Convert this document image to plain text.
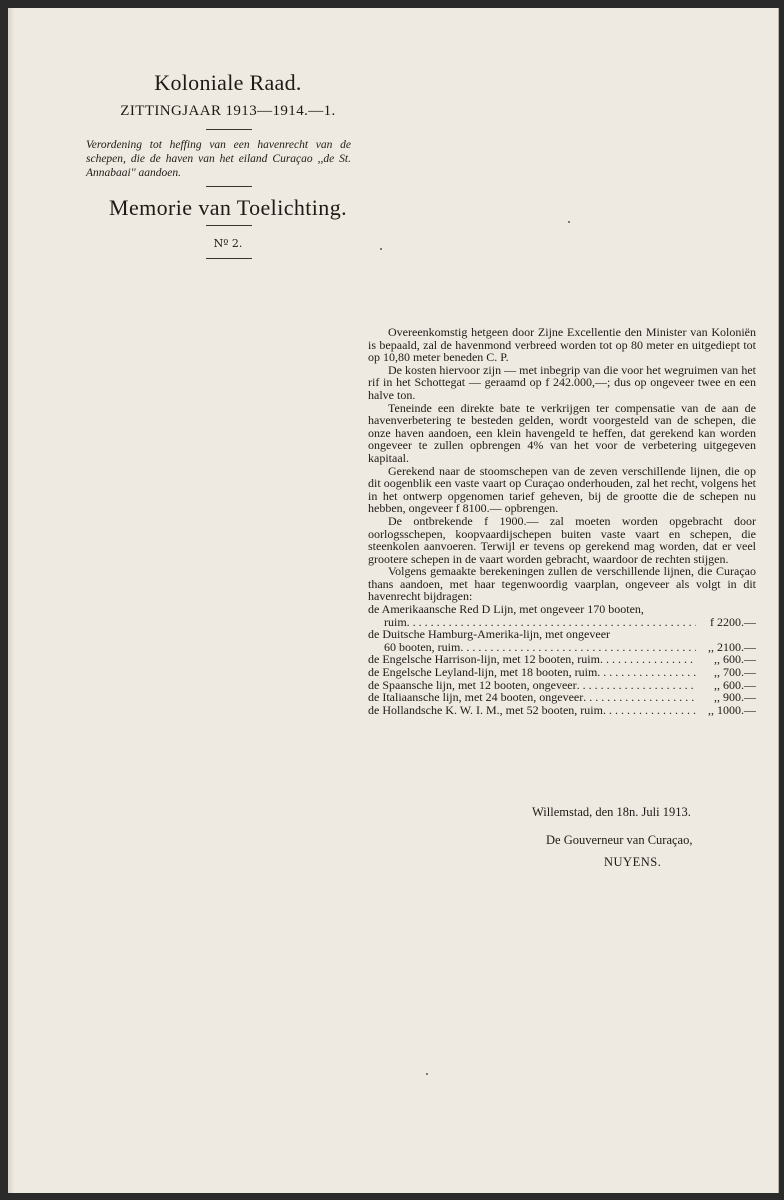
Koloniale Raad.
ZITTINGJAAR 1913—1914.—1.
Verordening tot heffing van een havenrecht van de schepen, die de haven van het eiland Curaçao ,,de St. Annabaai'' aandoen.
Memorie van Toelichting.
Nº 2.

Overeenkomstig hetgeen door Zijne Excellentie den Minister van Koloniën is bepaald, zal de havenmond verbreed worden tot op 80 meter en uitgediept tot op 10,80 meter beneden C. P.

De kosten hiervoor zijn — met inbegrip van die voor het wegruimen van het rif in het Schottegat — geraamd op f 242.000,—; dus op ongeveer twee en een halve ton.

Teneinde een direkte bate te verkrijgen ter compensatie van de aan de havenverbetering te besteden gelden, wordt voorgesteld van de schepen, die onze haven aandoen, een klein havengeld te heffen, dat gerekend kan worden ongeveer te zullen opbrengen 4% van het voor de verbetering uitgegeven kapitaal.

Gerekend naar de stoomschepen van de zeven verschillende lijnen, die op dit oogenblik een vaste vaart op Curaçao onderhouden, zal het recht, volgens het in het ontwerp opgenomen tarief geheven, bij de grootte die de schepen nu hebben, ongeveer f 8100.— opbrengen.

De ontbrekende f 1900.— zal moeten worden opgebracht door oorlogsschepen, koopvaardijschepen buiten vaste vaart en schepen, die steenkolen aanvoeren. Terwijl er tevens op gerekend mag worden, dat er veel grootere schepen in de vaart worden gebracht, waardoor de rechten stijgen.

Volgens gemaakte berekeningen zullen de verschillende lijnen, die Curaçao thans aandoen, met haar tegenwoordig vaarplan, ongeveer als volgt in dit havenrecht bijdragen:

de Amerikaansche Red D Lijn, met ongeveer 170 booten,
ruim . . .	f 2200.—
de Duitsche Hamburg-Amerika-lijn, met ongeveer
60 booten, ruim . . .	,, 2100.—
de Engelsche Harrison-lijn, met 12 booten, ruim . . .	,, 600.—
de Engelsche Leyland-lijn, met 18 booten, ruim . . .	,, 700.—
de Spaansche lijn, met 12 booten, ongeveer . . .	,, 600.—
de Italiaansche lijn, met 24 booten, ongeveer . . .	,, 900.—
de Hollandsche K. W. I. M., met 52 booten, ruim . . .	,, 1000.—
Willemstad, den 18n. Juli 1913.
De Gouverneur van Curaçao,
NUYENS.
